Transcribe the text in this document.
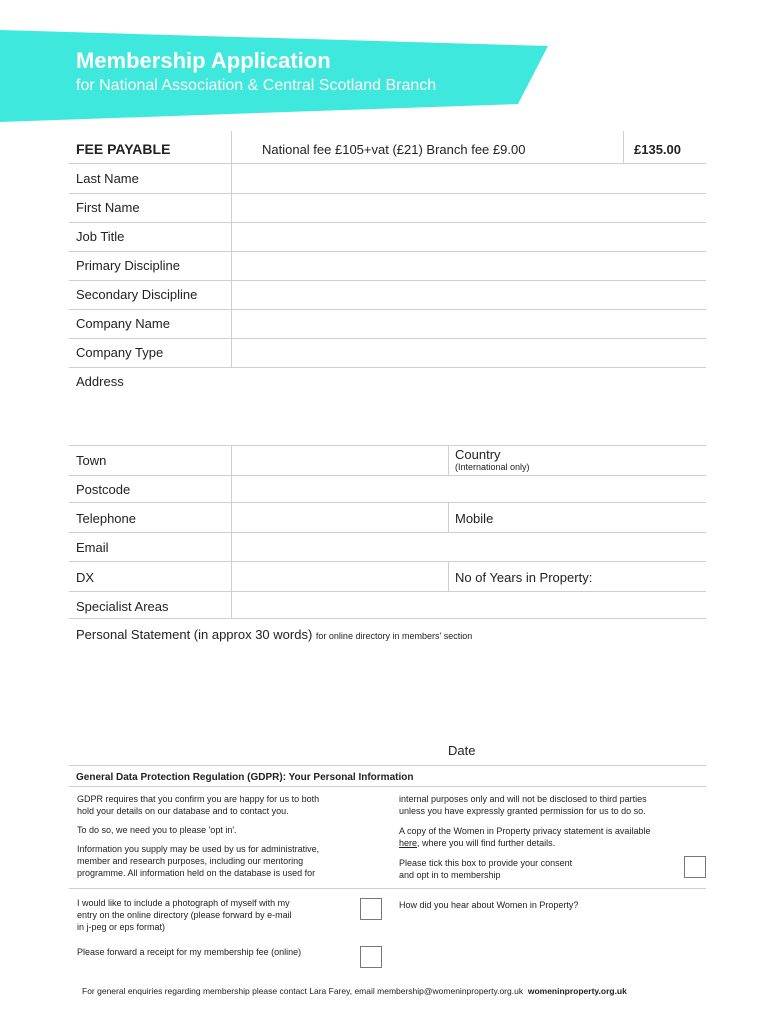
Membership Application
for National Association & Central Scotland Branch
FEE PAYABLE	National fee £105+vat (£21) Branch fee £9.00	£135.00
Last Name
First Name
Job Title
Primary Discipline
Secondary Discipline
Company Name
Company Type
Address
Town	Country
(International only)
Postcode
Telephone	Mobile
Email
DX	No of Years in Property:
Specialist Areas
Personal Statement (in approx 30 words) for online directory in members' section
Date
General Data Protection Regulation (GDPR): Your Personal Information
GDPR requires that you confirm you are happy for us to both
hold your details on our database and to contact you.
To do so, we need you to please 'opt in'.
Information you supply may be used by us for administrative,
member and research purposes, including our mentoring
programme. All information held on the database is used for
internal purposes only and will not be disclosed to third parties
unless you have expressly granted permission for us to do so.
A copy of the Women in Property privacy statement is available
here, where you will find further details.
Please tick this box to provide your consent
and opt in to membership
I would like to include a photograph of myself with my
entry on the online directory (please forward by e-mail
in j-peg or eps format)
How did you hear about Women in Property?
Please forward a receipt for my membership fee (online)
For general enquiries regarding membership please contact Lara Farey, email membership@womeninproperty.org.uk womeninproperty.org.uk
